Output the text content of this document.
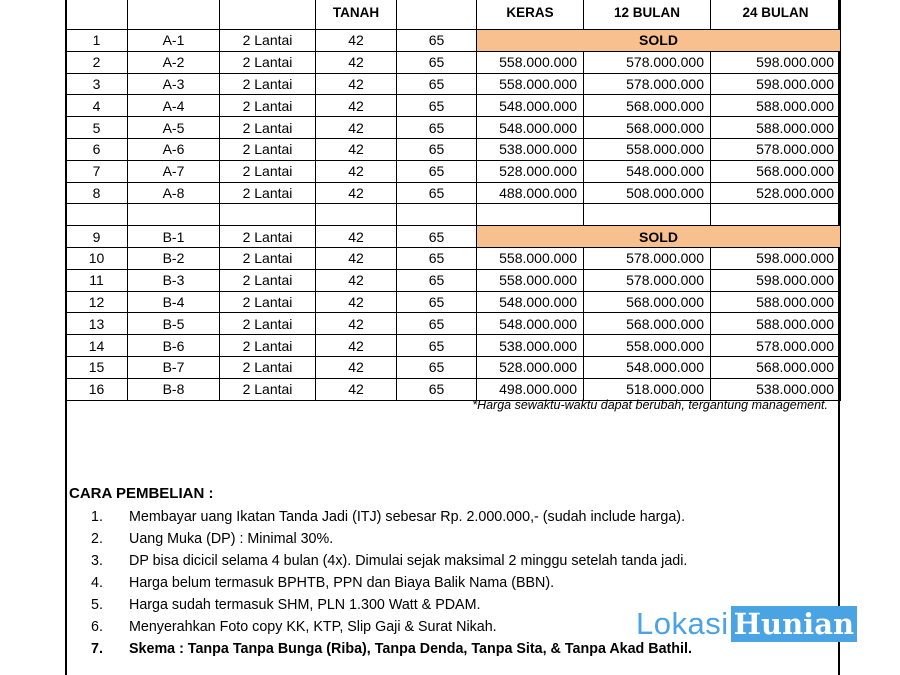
			TANAH		KERAS	12 BULAN	24 BULAN
1	A-1	2 Lantai	42	65	SOLD		
2	A-2	2 Lantai	42	65	558.000.000	578.000.000	598.000.000
3	A-3	2 Lantai	42	65	558.000.000	578.000.000	598.000.000
4	A-4	2 Lantai	42	65	548.000.000	568.000.000	588.000.000
5	A-5	2 Lantai	42	65	548.000.000	568.000.000	588.000.000
6	A-6	2 Lantai	42	65	538.000.000	558.000.000	578.000.000
7	A-7	2 Lantai	42	65	528.000.000	548.000.000	568.000.000
8	A-8	2 Lantai	42	65	488.000.000	508.000.000	528.000.000

9	B-1	2 Lantai	42	65	SOLD		
10	B-2	2 Lantai	42	65	558.000.000	578.000.000	598.000.000
11	B-3	2 Lantai	42	65	558.000.000	578.000.000	598.000.000
12	B-4	2 Lantai	42	65	548.000.000	568.000.000	588.000.000
13	B-5	2 Lantai	42	65	548.000.000	568.000.000	588.000.000
14	B-6	2 Lantai	42	65	538.000.000	558.000.000	578.000.000
15	B-7	2 Lantai	42	65	528.000.000	548.000.000	568.000.000
16	B-8	2 Lantai	42	65	498.000.000	518.000.000	538.000.000
*Harga sewaktu-waktu dapat berubah, tergantung management.
CARA PEMBELIAN :
1. Membayar uang Ikatan Tanda Jadi (ITJ) sebesar Rp. 2.000.000,- (sudah include harga).
2. Uang Muka (DP) : Minimal 30%.
3. DP bisa dicicil selama 4 bulan (4x). Dimulai sejak maksimal 2 minggu setelah tanda jadi.
4. Harga belum termasuk BPHTB, PPN dan Biaya Balik Nama (BBN).
5. Harga sudah termasuk SHM, PLN 1.300 Watt & PDAM.
6. Menyerahkan Foto copy KK, KTP, Slip Gaji & Surat Nikah.
7. Skema : Tanpa Tanpa Bunga (Riba), Tanpa Denda, Tanpa Sita, & Tanpa Akad Bathil.
Lokasi Hunian
